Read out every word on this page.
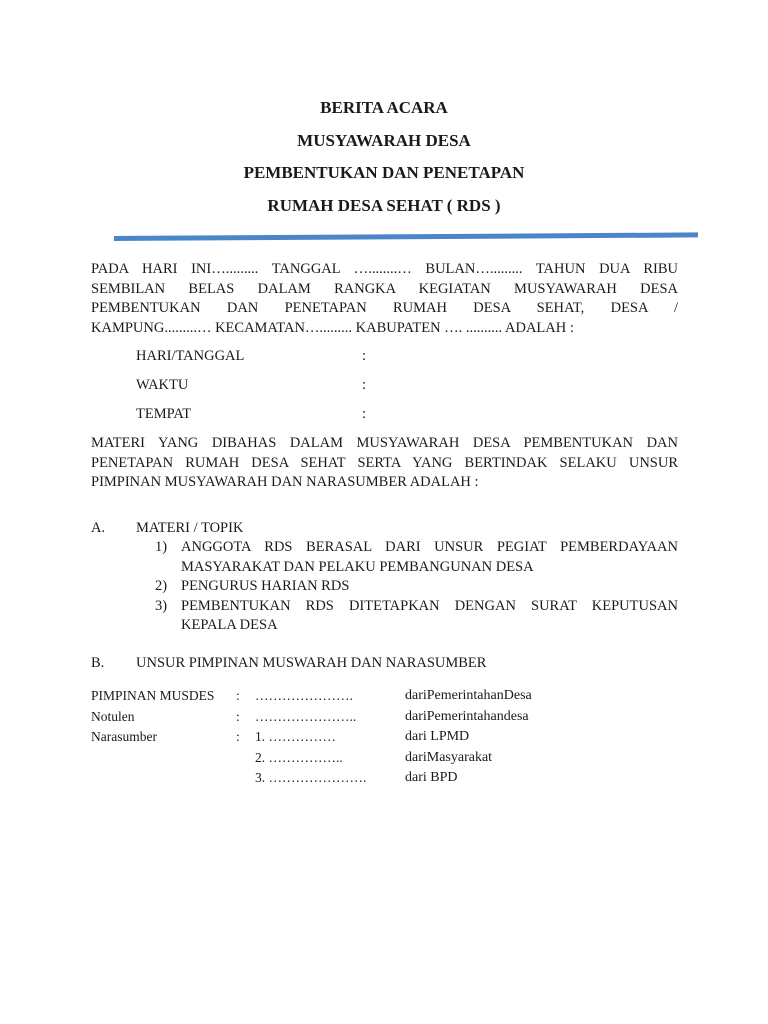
BERITA ACARA
MUSYAWARAH DESA
PEMBENTUKAN DAN PENETAPAN
RUMAH DESA SEHAT ( RDS )
PADA HARI INI…......... TANGGAL …........… BULAN…......... TAHUN DUA RIBU
SEMBILAN BELAS DALAM RANGKA KEGIATAN MUSYAWARAH DESA
PEMBENTUKAN DAN PENETAPAN RUMAH DESA SEHAT, DESA /
KAMPUNG.........… KECAMATAN…......... KABUPATEN …. .......... ADALAH :
HARI/TANGGAL	:
WAKTU	:
TEMPAT	:
MATERI YANG DIBAHAS DALAM MUSYAWARAH DESA PEMBENTUKAN DAN
PENETAPAN RUMAH DESA SEHAT SERTA YANG BERTINDAK SELAKU UNSUR
PIMPINAN MUSYAWARAH DAN NARASUMBER ADALAH :
A. MATERI / TOPIK
1) ANGGOTA RDS BERASAL DARI UNSUR PEGIAT PEMBERDAYAAN
MASYARAKAT DAN PELAKU PEMBANGUNAN DESA
2) PENGURUS HARIAN RDS
3) PEMBENTUKAN RDS DITETAPKAN DENGAN SURAT KEPUTUSAN
KEPALA DESA
B. UNSUR PIMPINAN MUSWARAH DAN NARASUMBER
PIMPINAN MUSDES : ………………….	dariPemerintahanDesa
Notulen	: …………………..	dariPemerintahandesa
Narasumber	: 1. ……………	dari LPMD
2. ……………..	dariMasyarakat
3. ………………….	dari BPD
